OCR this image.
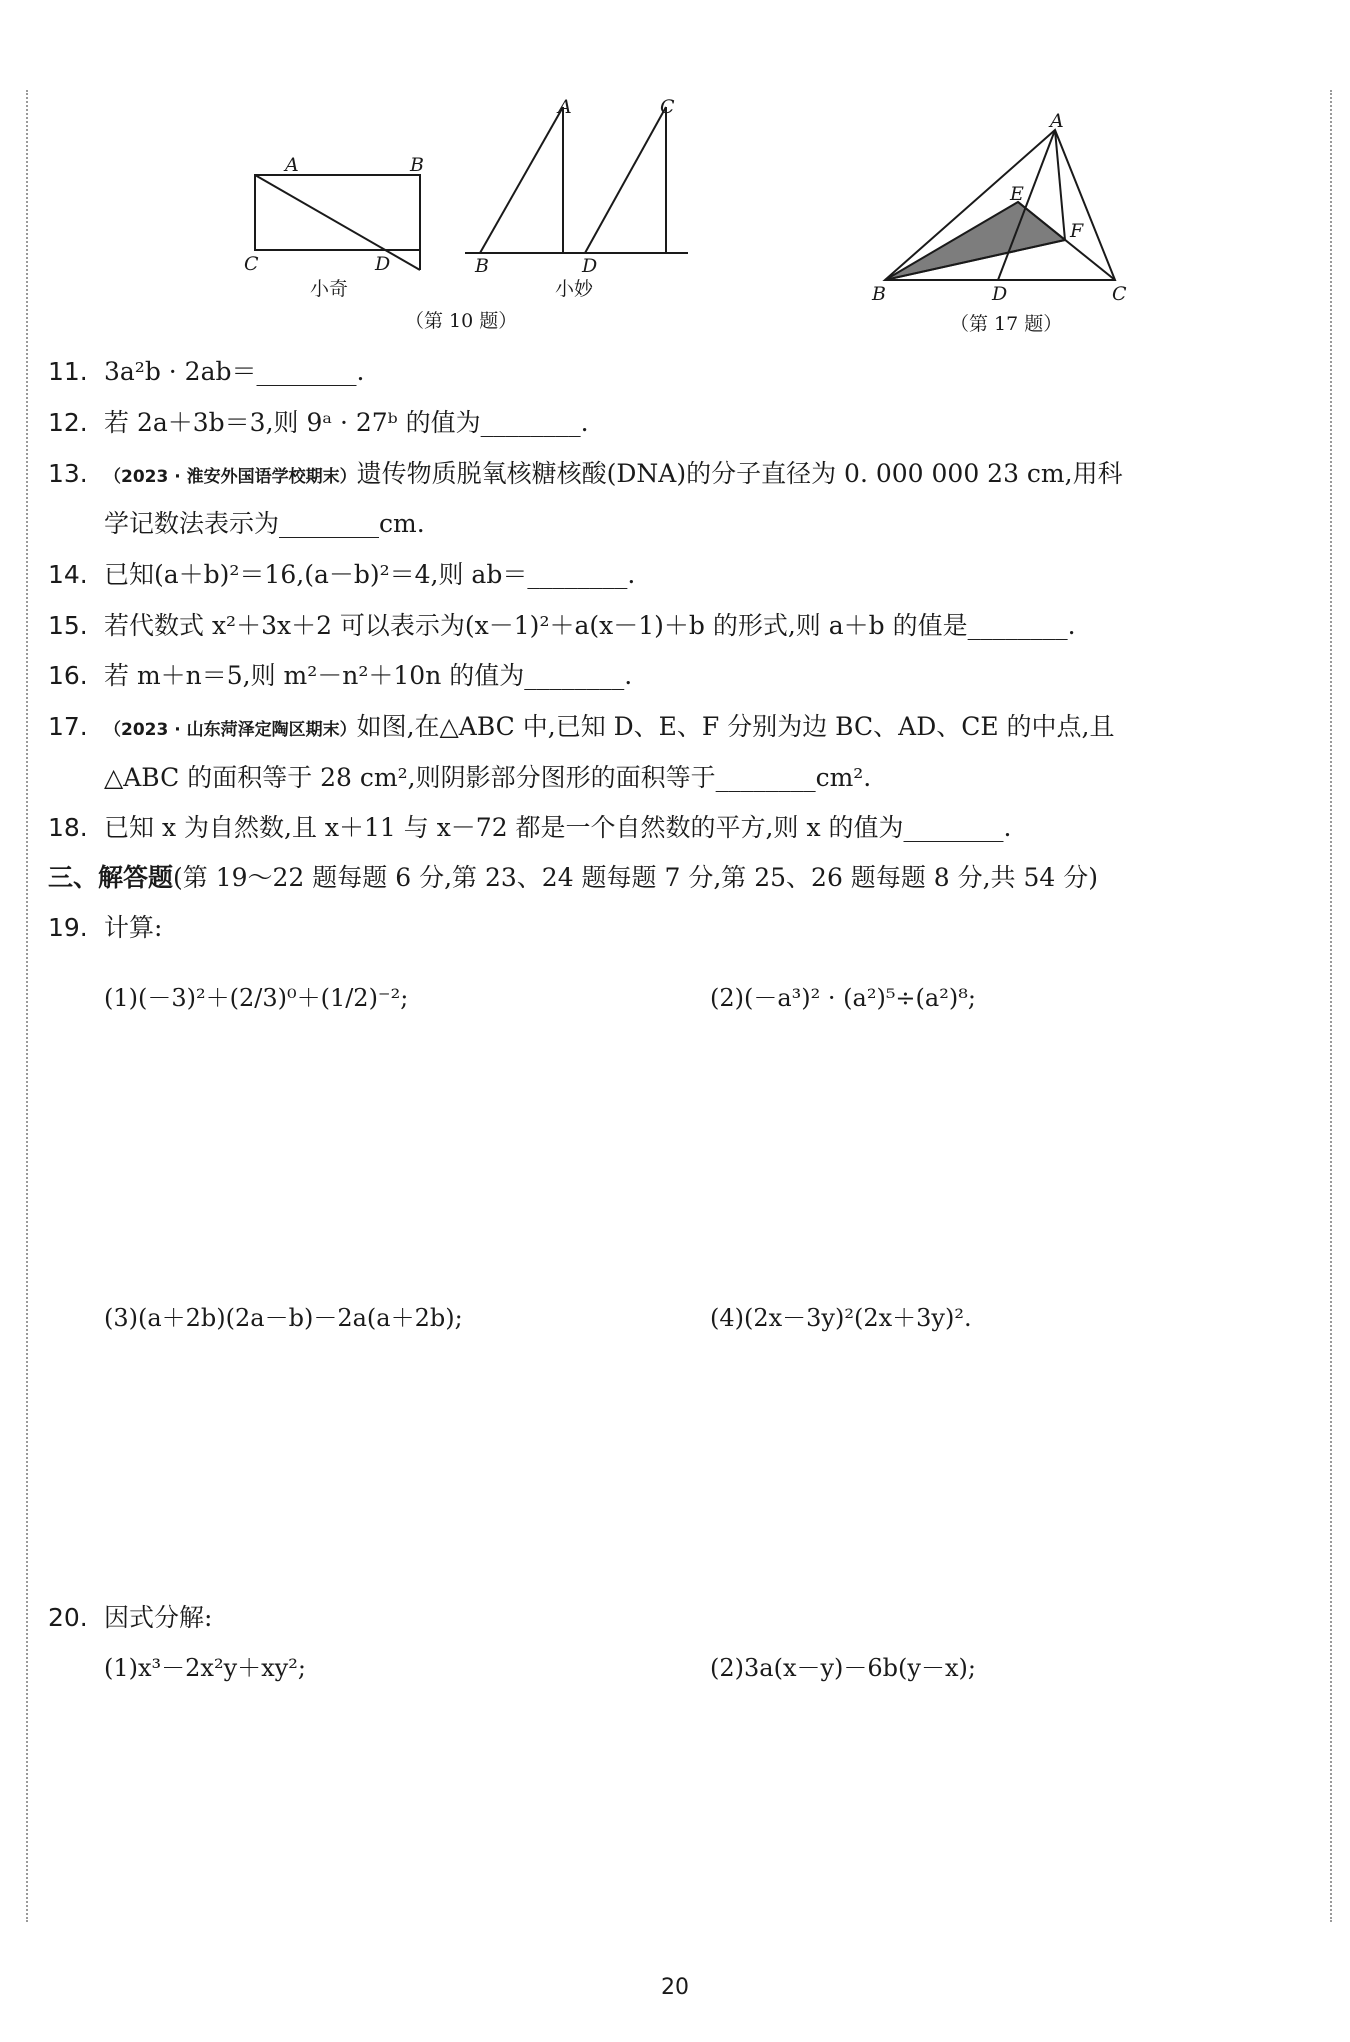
A	B
C	D
小奇
A	C
B	D
小妙
（第 10 题）
A
B	C
D
E
F
（第 17 题）
11. 3a²b · 2ab＝________.
12. 若 2a＋3b＝3,则 9ᵃ · 27ᵇ 的值为________.
13. （2023 · 淮安外国语学校期末）遗传物质脱氧核糖核酸(DNA)的分子直径为 0. 000 000 23 cm,用科
学记数法表示为________cm.
14. 已知(a＋b)²＝16,(a－b)²＝4,则 ab＝________.
15. 若代数式 x²＋3x＋2 可以表示为(x－1)²＋a(x－1)＋b 的形式,则 a＋b 的值是________.
16. 若 m＋n＝5,则 m²－n²＋10n 的值为________.
17. （2023 · 山东菏泽定陶区期末）如图,在△ABC 中,已知 D、E、F 分别为边 BC、AD、CE 的中点,且
△ABC 的面积等于 28 cm²,则阴影部分图形的面积等于________cm².
18. 已知 x 为自然数,且 x＋11 与 x－72 都是一个自然数的平方,则 x 的值为________.
三、解答题(第 19～22 题每题 6 分,第 23、24 题每题 7 分,第 25、26 题每题 8 分,共 54 分)
19. 计算:
(1)(－3)²＋(2/3)⁰＋(1/2)⁻²;	(2)(－a³)² · (a²)⁵÷(a²)⁸;
(3)(a＋2b)(2a－b)－2a(a＋2b);	(4)(2x－3y)²(2x＋3y)².
20. 因式分解:
(1)x³－2x²y＋xy²;	(2)3a(x－y)－6b(y－x);
20
